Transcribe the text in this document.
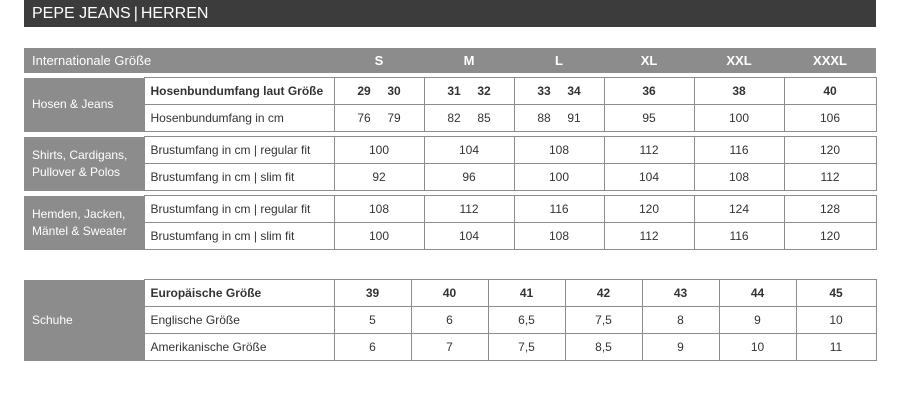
PEPE JEANS | HERREN
Internationale Größe		S	M	L	XL	XXL	XXXL

Hosen & Jeans	Hosenbundumfang laut Größe	29 30	31 32	33 34	36	38	40
	Hosenbundumfang in cm	76 79	82 85	88 91	95	100	106

Shirts, Cardigans, Pullover & Polos	Brustumfang in cm | regular fit	100	104	108	112	116	120
	Brustumfang in cm | slim fit	92	96	100	104	108	112

Hemden, Jacken, Mäntel & Sweater	Brustumfang in cm | regular fit	108	112	116	120	124	128
	Brustumfang in cm | slim fit	100	104	108	112	116	120
Schuhe	Europäische Größe	39	40	41	42	43	44	45
	Englische Größe	5	6	6,5	7,5	8	9	10
	Amerikanische Größe	6	7	7,5	8,5	9	10	11
